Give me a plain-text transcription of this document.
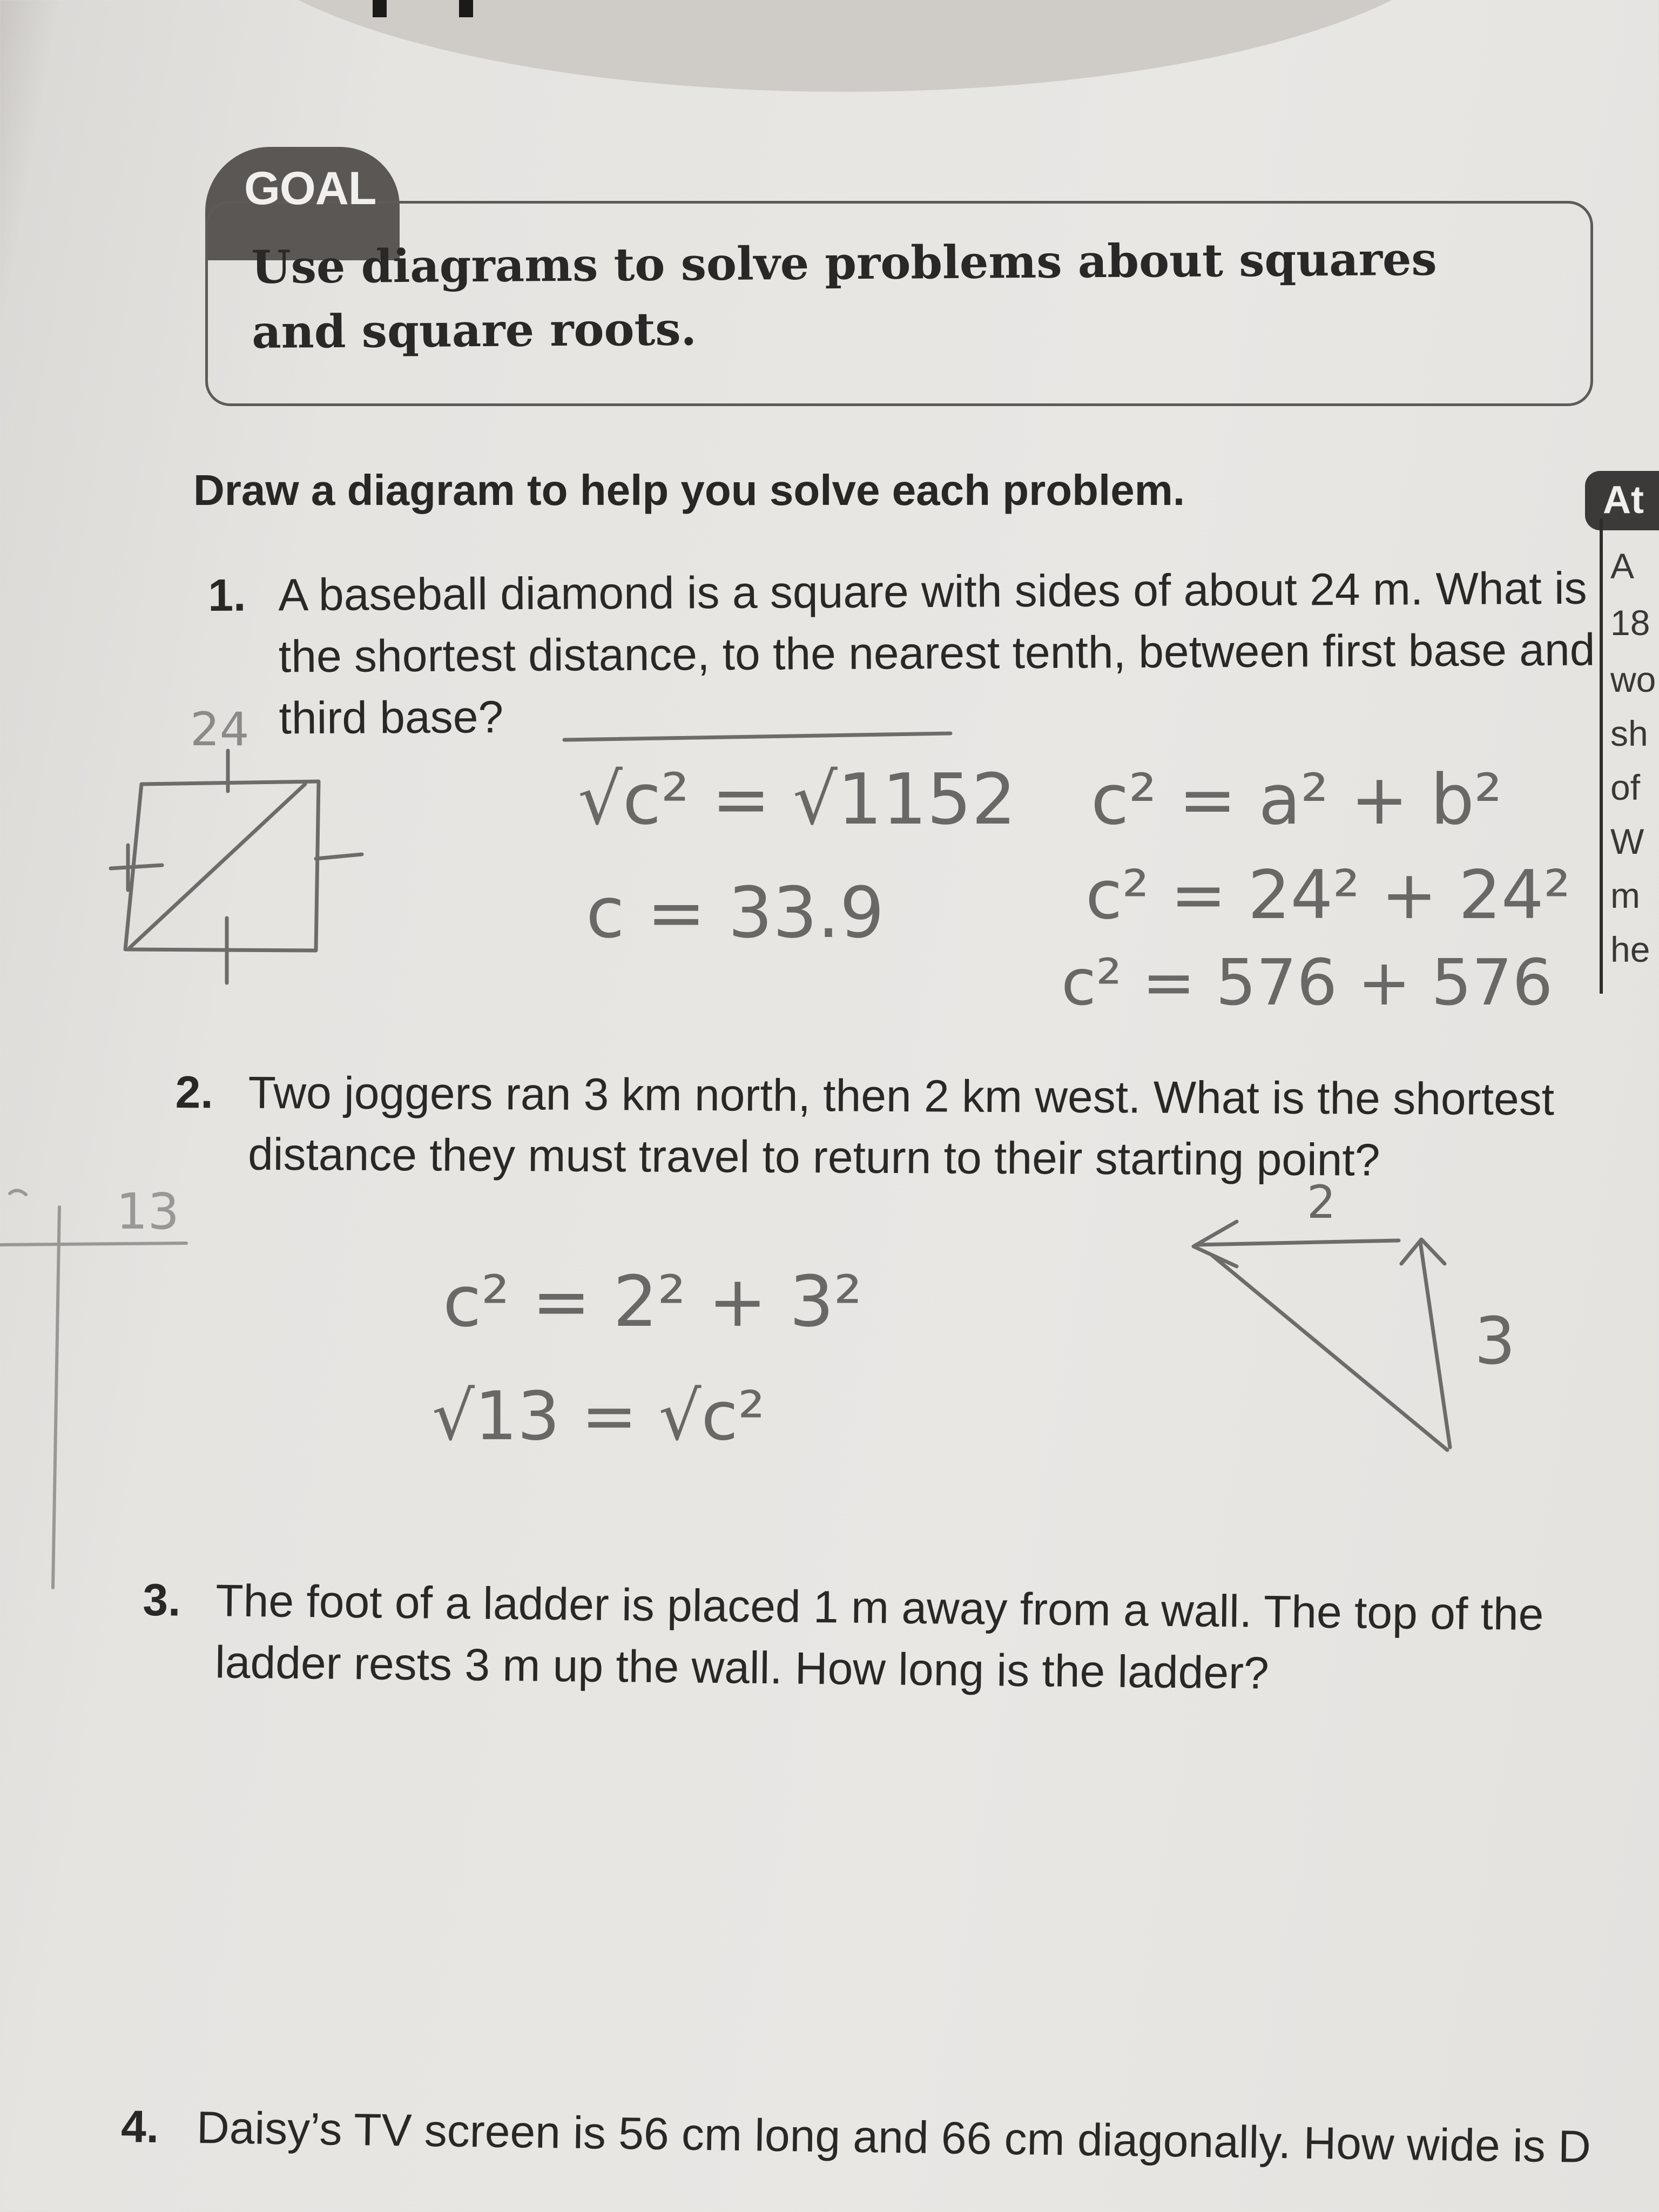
GOAL
Use diagrams to solve problems about squares and square roots.
Draw a diagram to help you solve each problem.
1. A baseball diamond is a square with sides of about 24 m. What is the shortest distance, to the nearest tenth, between first base and third base?
2. Two joggers ran 3 km north, then 2 km west. What is the shortest distance they must travel to return to their starting point?
3. The foot of a ladder is placed 1 m away from a wall. The top of the ladder rests 3 m up the wall. How long is the ladder?
4. Daisy’s TV screen is 56 cm long and 66 cm diagonally. How wide is D
At
A
18
wo
sh
of
W
m
he
24
√c² = √1152
c = 33.9
c² = a² + b²
c² = 24² + 24²
c² = 576 + 576
13
c² = 2² + 3²
√13 = √c²
2
3
